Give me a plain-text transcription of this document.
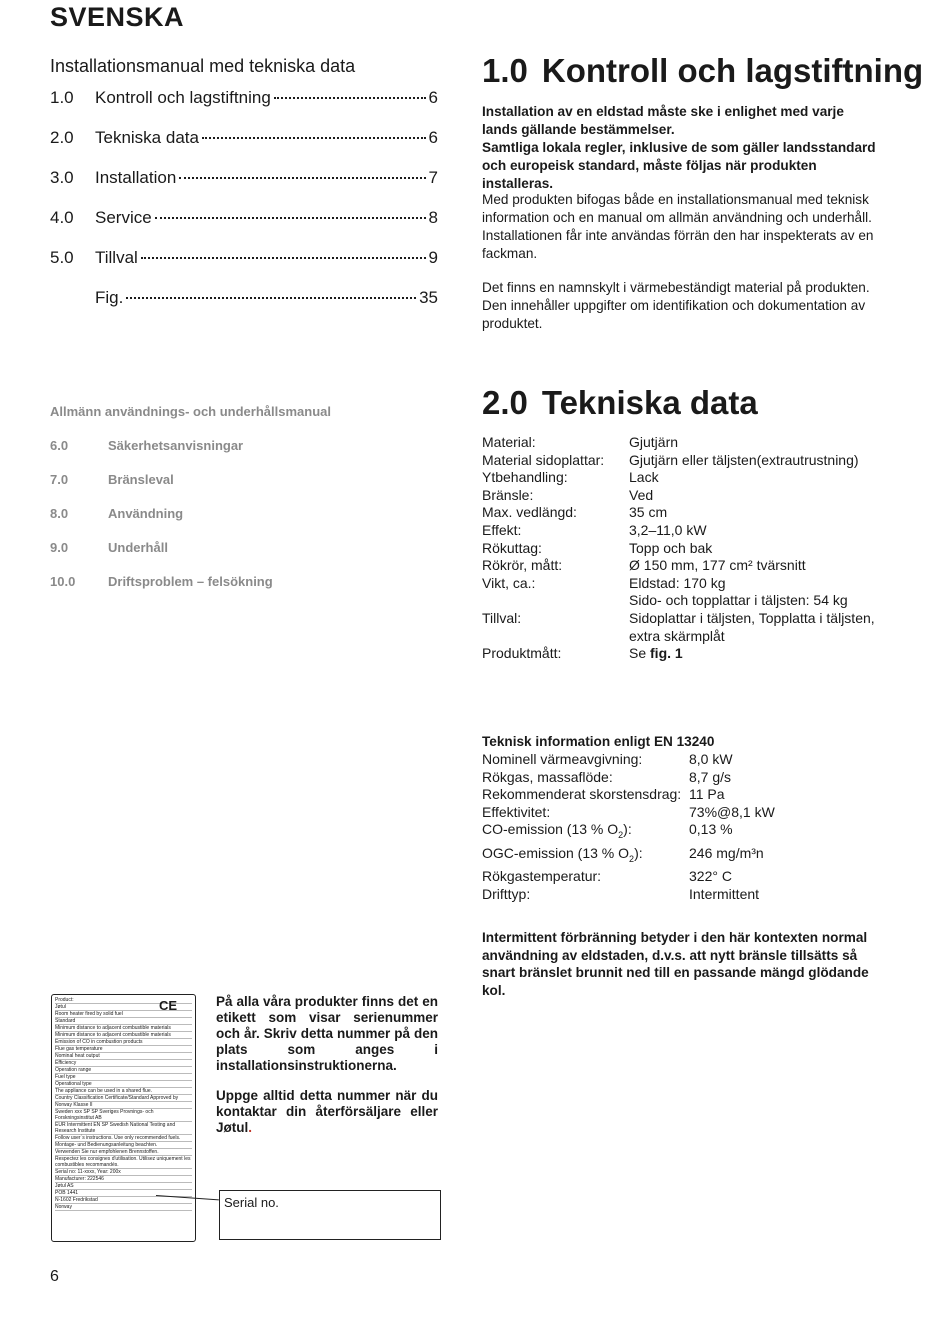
SVENSKA
Installationsmanual med tekniska data
1.0	Kontroll och lagstiftning	6
2.0	Tekniska data	6
3.0	Installation	7
4.0	Service	8
5.0	Tillval	9
Fig.	35
Allmänn användnings- och underhållsmanual
6.0	Säkerhetsanvisningar
7.0	Bränsleval
8.0	Användning
9.0	Underhåll
10.0	Driftsproblem – felsökning
1.0 Kontroll och lagstiftning
Installation av en eldstad måste ske i enlighet med varje lands gällande bestämmelser.
Samtliga lokala regler, inklusive de som gäller landsstandard och europeisk standard, måste följas när produkten installeras.
Med produkten bifogas både en installationsmanual med teknisk information och en manual om allmän användning och underhåll. Installationen får inte användas förrän den har inspekterats av en fackman.
Det finns en namnskylt i värmebeständigt material på produkten. Den innehåller uppgifter om identifikation och dokumentation av produktet.
2.0 Tekniska data
Material:	Gjutjärn
Material sidoplattar:	Gjutjärn eller täljsten(extrautrustning)
Ytbehandling:	Lack
Bränsle:	Ved
Max. vedlängd:	35 cm
Effekt:	3,2–11,0 kW
Rökuttag:	Topp och bak
Rökrör, mått:	Ø 150 mm, 177 cm² tvärsnitt
Vikt, ca.:	Eldstad: 170 kg
Sido- och topplattar i täljsten: 54 kg
Tillval:	Sidoplattar i täljsten, Topplatta i täljsten, extra skärmplåt
Produktmått:	Se fig. 1
Teknisk information enligt EN 13240
Nominell värmeavgivning:	8,0 kW
Rökgas, massaflöde:	8,7 g/s
Rekommenderat skorstensdrag: 11 Pa
Effektivitet:	73%@8,1 kW
CO-emission (13 % $O_2$):	0,13 %
OGC-emission (13 % $O_2$):	246 mg/m³n
Rökgastemperatur:	322° C
Drifttyp:	Intermittent
Intermittent förbränning betyder i den här kontexten normal användning av eldstaden, d.v.s. att nytt bränsle tillsätts så snart bränslet brunnit ned till en passande mängd glödande kol.
CE
Product:
Jøtul
Room heater fired by solid fuel
Standard
Minimum distance to adjacent combustible materials
Minimum distance to adjacent combustible materials
Emission of CO in combustion products
Flue gas temperature
Nominal heat output
Efficiency
Operation range
Fuel type
Operational type
The appliance can be used in a shared flue.
Country Classification Certificate/Standard Approved by
Norway Klasse II
Sweden xxx SP SP Sveriges Provnings- och Forskningsinstitut AB
EUR Intermittent EN SP Swedish National Testing and Research Institute
Follow user´s instructions. Use only recommended fuels.
Montage- und Bedienungsanleitung beachten.
Verwenden Sie nur empfohlenen Brennstoffen.
Respectez les consignes d'utilisation. Utilisez uniquement les combustibles recommandés.
Serial no: 11-xxxx, Year: 200x
Manufacturer: 222546
Jøtul AS
POB 1441
N-1602 Fredrikstad
Norway
På alla våra produkter finns det en etikett som visar serienummer och år. Skriv detta nummer på den plats som anges i installationsinstruktionerna.
Uppge alltid detta nummer när du kontaktar din återförsäljare eller Jøtul.
Serial no.
6
